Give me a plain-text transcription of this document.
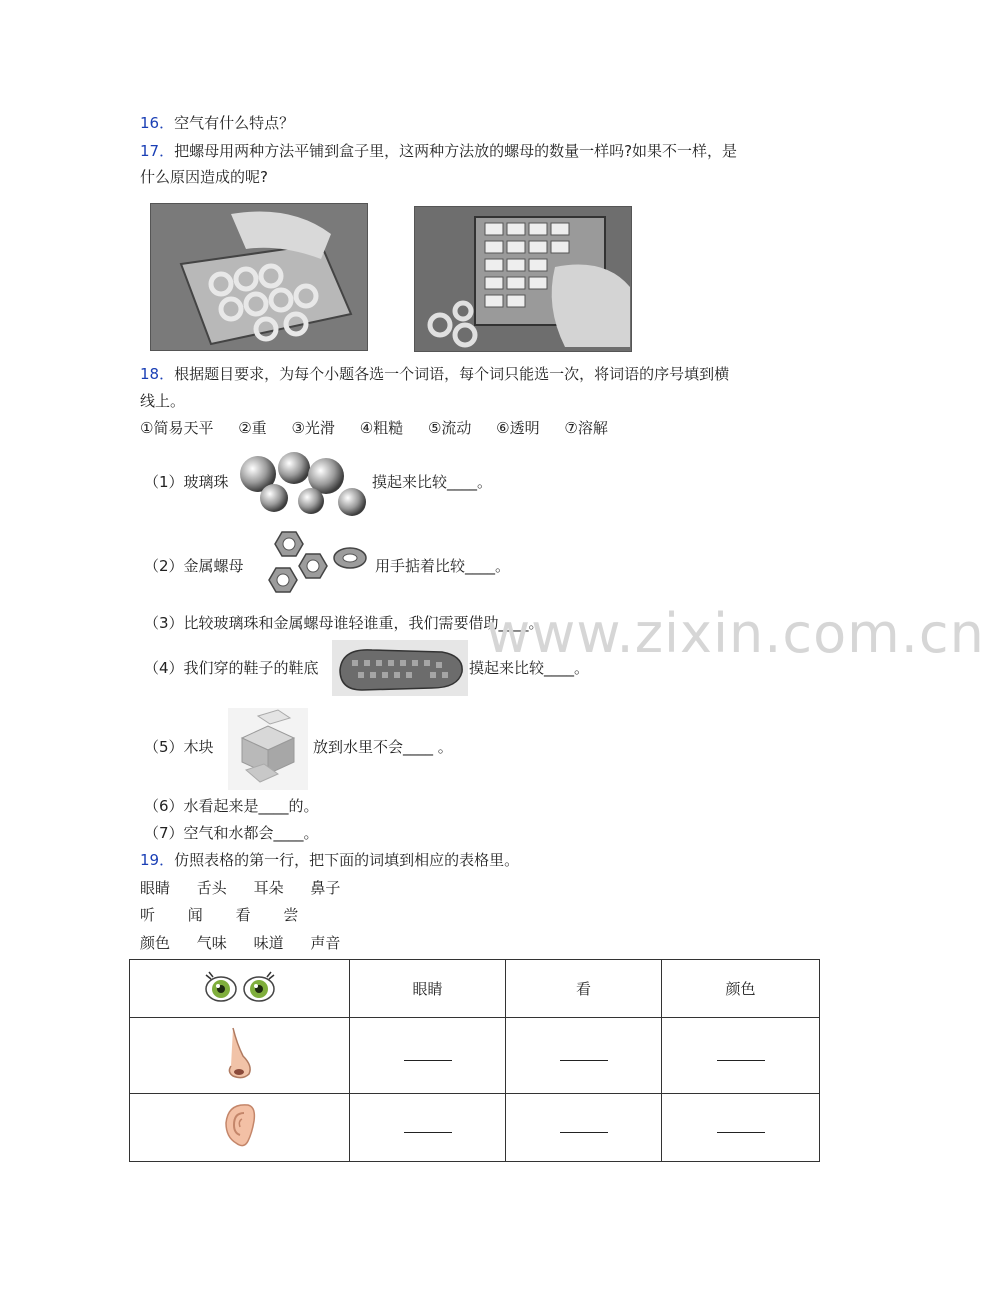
16．空气有什么特点？
17．把螺母用两种方法平铺到盒子里，这两种方法放的螺母的数量一样吗?如果不一样，是
什么原因造成的呢?
18．根据题目要求，为每个小题各选一个词语，每个词只能选一次，将词语的序号填到横
线上。
①简易天平 ②重 ③光滑 ④粗糙 ⑤流动 ⑥透明 ⑦溶解
（1）玻璃珠	摸起来比较____。
（2）金属螺母	用手掂着比较____。
（3）比较玻璃珠和金属螺母谁轻谁重，我们需要借助____。
www.zixin.com.cn
（4）我们穿的鞋子的鞋底	摸起来比较____。
（5）木块	放到水里不会____ 。
（6）水看起来是____的。
（7）空气和水都会____。
19．仿照表格的第一行，把下面的词填到相应的表格里。
眼睛 舌头 耳朵 鼻子
听 闻 看 尝
颜色 气味 味道 声音
	眼睛	看	颜色
